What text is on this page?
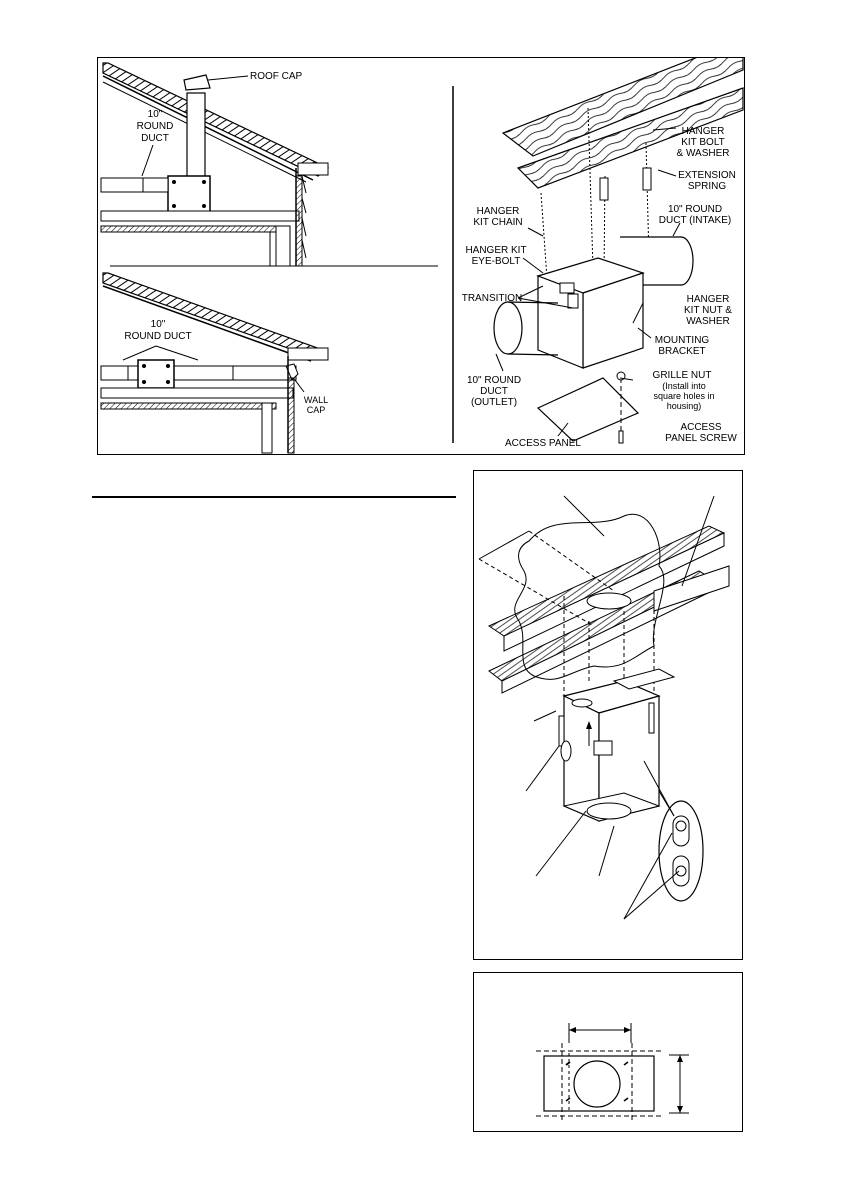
ROOF CAP
10"
ROUND
DUCT
10"
ROUND DUCT
WALL
CAP
HANGER
KIT BOLT
& WASHER
EXTENSION
SPRING
HANGER
KIT CHAIN
10" ROUND
DUCT (INTAKE)
HANGER KIT
EYE-BOLT
TRANSITION	HANGER
KIT NUT &
WASHER
MOUNTING
BRACKET
10" ROUND
DUCT
(OUTLET)
GRILLE NUT
(Install into
square holes in
housing)
ACCESS PANEL
ACCESS
PANEL SCREW
